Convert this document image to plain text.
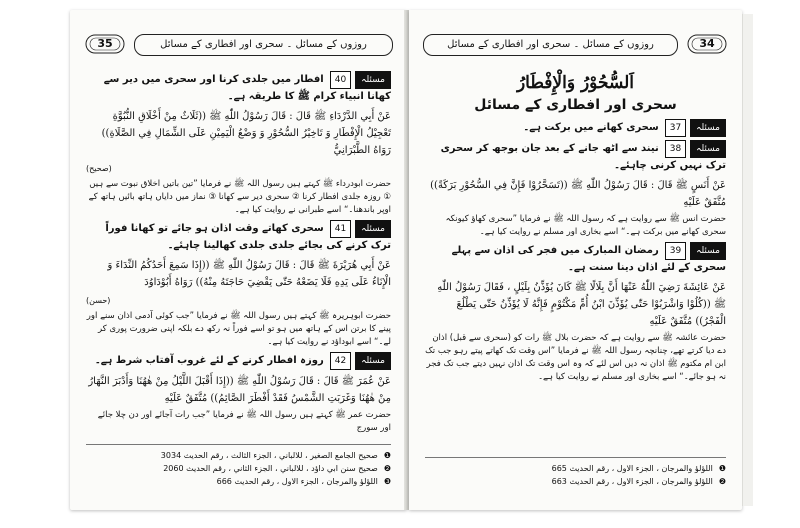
روزوں کے مسائل ۔ سحری اور افطاری کے مسائل
35
مسئلہ40افطار میں جلدی کرنا اور سحری میں دیر سے کھانا انبیاء کرام ﷺ کا طریقہ ہے۔
عَنْ أَبِي الدَّرْدَاءِ ﷺ قَالَ : قَالَ رَسُوْلُ اللّٰهِ ﷺ ((ثَلَاثٌ مِنْ أَخْلَاقِ النُّبُوَّةِ تَعْجِيْلُ الْإِفْطَارِ وَ تَاخِيْرُ السُّحُوْرِ وَ وَضْعُ الْيَمِيْنِ عَلَى الشِّمَالِ فِي الصَّلَاةِ)) رَوَاهُ الطَّبْرَانِيُّ
(صحيح)
حضرت ابودرداء ﷺ کہتے ہیں رسول اللہ ﷺ نے فرمایا ”تین باتیں اخلاق نبوت سے ہیں ① روزہ جلدی افطار کرنا ② سحری دیر سے کھانا ③ نماز میں دایاں ہاتھ بائیں ہاتھ کے اوپر باندھنا۔“ اسے طبرانی نے روایت کیا ہے۔
مسئلہ41سحری کھاتے وقت اذان ہو جائے تو کھانا فوراً ترک کرنے کی بجائے جلدی جلدی کھالینا چاہئے۔
عَنْ أَبِي هُرَيْرَةَ ﷺ قَالَ : قَالَ رَسُوْلُ اللّٰهِ ﷺ ((إِذَا سَمِعَ أَحَدُكُمُ النِّدَاءَ وَ الْإِنَاءُ عَلَى يَدِهِ فَلَا يَضَعْهُ حَتّٰى يَقْضِيَ حَاجَتَهُ مِنْهُ)) رَوَاهُ أَبُوْدَاوُدَ
(حسن)
حضرت ابوہریرہ ﷺ کہتے ہیں رسول اللہ ﷺ نے فرمایا ”جب کوئی آدمی اذان سنے اور پینے کا برتن اس کے ہاتھ میں ہو تو اسے فوراً نہ رکھ دے بلکہ اپنی ضرورت پوری کر لے۔“ اسے ابوداؤد نے روایت کیا ہے۔
مسئلہ42روزہ افطار کرنے کے لئے غروب آفتاب شرط ہے۔
عَنْ عُمَرَ ﷺ قَالَ : قَالَ رَسُوْلُ اللّٰهِ ﷺ ((إِذَا أَقْبَلَ اللَّيْلُ مِنْ هٰهُنَا وَأَدْبَرَ النَّهَارُ مِنْ هٰهُنَا وَغَرَبَتِ الشَّمْسُ فَقَدْ أَفْطَرَ الصَّائِمُ)) مُتَّفَقٌ عَلَيْهِ
حضرت عمر ﷺ کہتے ہیں رسول اللہ ﷺ نے فرمایا ”جب رات آجائے اور دن چلا جائے اور سورج
❶
صحيح الجامع الصغير ، للالباني ، الجزء الثالث ، رقم الحديث 3034
❷
صحيح سنن ابي داؤد ، للالباني ، الجزء الثاني ، رقم الحديث 2060
❸
اللؤلؤ والمرجان ، الجزء الاول ، رقم الحديث 666
روزوں کے مسائل ۔ سحری اور افطاری کے مسائل	34
اَلسُّحُوْرُ وَالْإِفْطَارُ
سحری اور افطاری کے مسائل
مسئلہ37سحری کھانے میں برکت ہے۔
مسئلہ38نیند سے اٹھ جانے کے بعد جان بوجھ کر سحری ترک نہیں کرنی چاہئے۔
عَنْ أَنَسٍ ﷺ قَالَ : قَالَ رَسُوْلُ اللّٰهِ ﷺ ((تَسَحَّرُوْا فَإِنَّ فِي السُّحُوْرِ بَرَكَةً)) مُتَّفَقٌ عَلَيْهِ
حضرت انس ﷺ سے روایت ہے کہ رسول اللہ ﷺ نے فرمایا ”سحری کھاؤ کیونکہ سحری کھانے میں برکت ہے۔“ اسے بخاری اور مسلم نے روایت کیا ہے۔
مسئلہ39رمضان المبارک میں فجر کی اذان سے پہلے سحری کے لئے اذان دینا سنت ہے۔
عَنْ عَائِشَةَ رَضِيَ اللّٰهُ عَنْهَا أَنَّ بِلَالًا ﷺ كَانَ يُؤَذِّنُ بِلَيْلٍ ، فَقَالَ رَسُوْلُ اللّٰهِ ﷺ ((كُلُوْا وَاشْرَبُوْا حَتّٰى يُؤَذِّنَ ابْنُ أُمِّ مَكْتُوْمٍ فَإِنَّهُ لَا يُؤَذِّنُ حَتّٰى يَطْلُعَ الْفَجْرُ)) مُتَّفَقٌ عَلَيْهِ
حضرت عائشہ ﷺ سے روایت ہے کہ حضرت بلال ﷺ رات کو (سحری سے قبل) اذان دے دیا کرتے تھے، چنانچہ رسول اللہ ﷺ نے فرمایا ”اس وقت تک کھاتے پیتے رہو جب تک ابن ام مکتوم ﷺ اذان نہ دیں اس لئے کہ وہ اس وقت تک اذان نہیں دیتے جب تک فجر نہ ہو جائے۔“ اسے بخاری اور مسلم نے روایت کیا ہے۔
❶
اللؤلؤ والمرجان ، الجزء الاول ، رقم الحديث 665
❷
اللؤلؤ والمرجان ، الجزء الاول ، رقم الحديث 663
